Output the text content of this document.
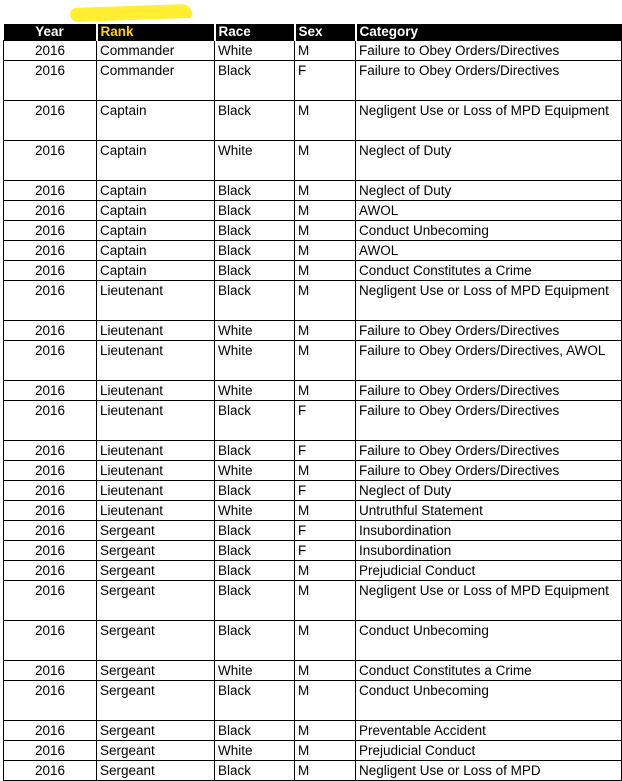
Year	Rank	Race	Sex	Category
2016	Commander	White	M	Failure to Obey Orders/Directives
2016	Commander	Black	F	Failure to Obey Orders/Directives
2016	Captain	Black	M	Negligent Use or Loss of MPD Equipment
2016	Captain	White	M	Neglect of Duty
2016	Captain	Black	M	Neglect of Duty
2016	Captain	Black	M	AWOL
2016	Captain	Black	M	Conduct Unbecoming
2016	Captain	Black	M	AWOL
2016	Captain	Black	M	Conduct Constitutes a Crime
2016	Lieutenant	Black	M	Negligent Use or Loss of MPD Equipment
2016	Lieutenant	White	M	Failure to Obey Orders/Directives
2016	Lieutenant	White	M	Failure to Obey Orders/Directives, AWOL
2016	Lieutenant	White	M	Failure to Obey Orders/Directives
2016	Lieutenant	Black	F	Failure to Obey Orders/Directives
2016	Lieutenant	Black	F	Failure to Obey Orders/Directives
2016	Lieutenant	White	M	Failure to Obey Orders/Directives
2016	Lieutenant	Black	F	Neglect of Duty
2016	Lieutenant	White	M	Untruthful Statement
2016	Sergeant	Black	F	Insubordination
2016	Sergeant	Black	F	Insubordination
2016	Sergeant	Black	M	Prejudicial Conduct
2016	Sergeant	Black	M	Negligent Use or Loss of MPD Equipment
2016	Sergeant	Black	M	Conduct Unbecoming
2016	Sergeant	White	M	Conduct Constitutes a Crime
2016	Sergeant	Black	M	Conduct Unbecoming
2016	Sergeant	Black	M	Preventable Accident
2016	Sergeant	White	M	Prejudicial Conduct
2016	Sergeant	Black	M	Negligent Use or Loss of MPD
